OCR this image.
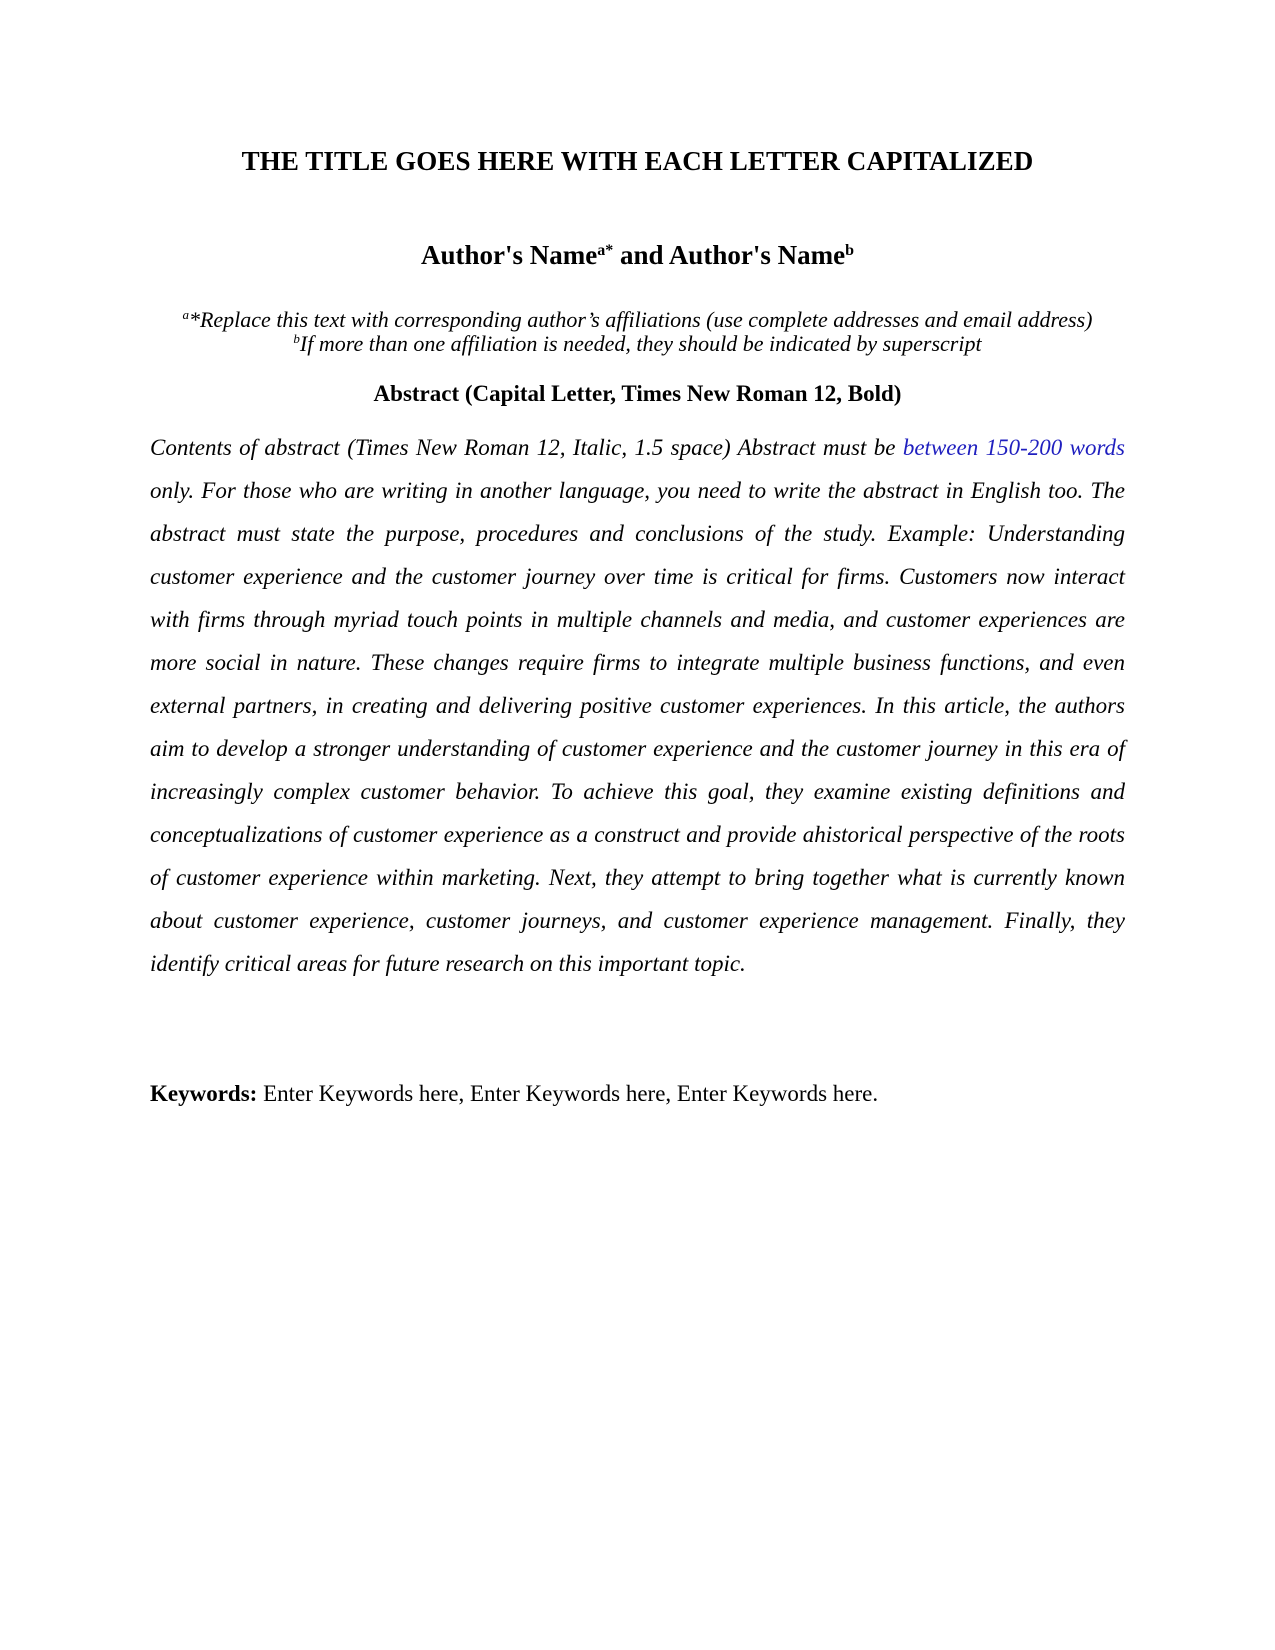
THE TITLE GOES HERE WITH EACH LETTER CAPITALIZED

Author's Name$^{a*}$ and Author's Name$^b$

$^a$*Replace this text with corresponding author’s affiliations (use complete addresses and email address)

$^b$If more than one affiliation is needed, they should be indicated by superscript

Abstract (Capital Letter, Times New Roman 12, Bold)

Contents of abstract (Times New Roman 12, Italic, 1.5 space) Abstract must be between 150-200 words only. For those who are writing in another language, you need to write the abstract in English too. The abstract must state the purpose, procedures and conclusions of the study. Example: Understanding customer experience and the customer journey over time is critical for firms. Customers now interact with firms through myriad touch points in multiple channels and media, and customer experiences are more social in nature. These changes require firms to integrate multiple business functions, and even external partners, in creating and delivering positive customer experiences. In this article, the authors aim to develop a stronger understanding of customer experience and the customer journey in this era of increasingly complex customer behavior. To achieve this goal, they examine existing definitions and conceptualizations of customer experience as a construct and provide ahistorical perspective of the roots of customer experience within marketing. Next, they attempt to bring together what is currently known about customer experience, customer journeys, and customer experience management. Finally, they identify critical areas for future research on this important topic.

Keywords: Enter Keywords here, Enter Keywords here, Enter Keywords here.
